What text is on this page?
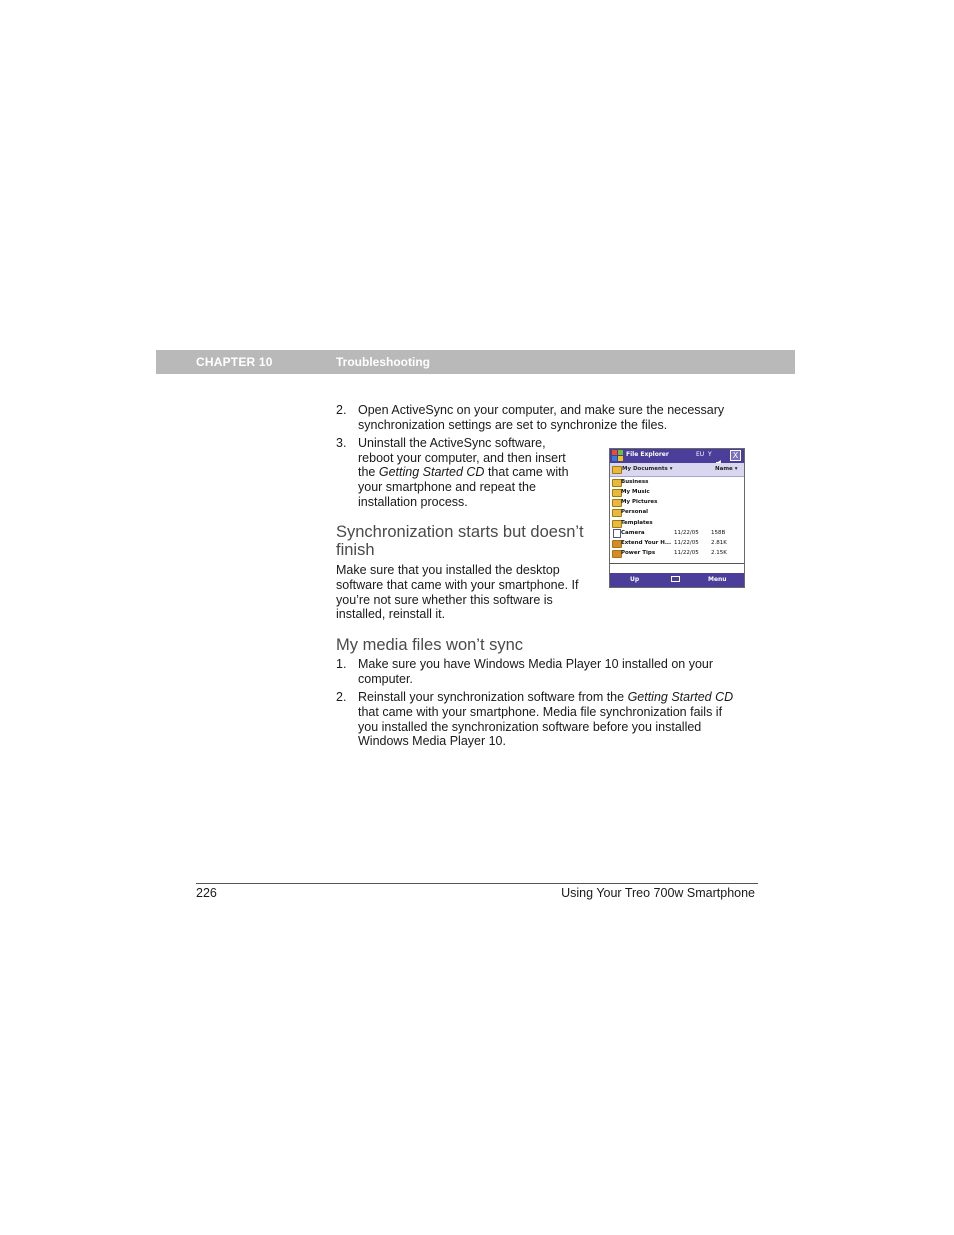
CHAPTER 10	Troubleshooting
2. Open ActiveSync on your computer, and make sure the necessary

synchronization settings are set to synchronize the files.

3. Uninstall the ActiveSync software,

reboot your computer, and then insert

the Getting Started CD that came with

your smartphone and repeat the

installation process.

Synchronization starts but doesn’t
finish

Make sure that you installed the desktop

software that came with your smartphone. If

you’re not sure whether this software is

installed, reinstall it.

My media files won’t sync
1. Make sure you have Windows Media Player 10 installed on your

computer.

2. Reinstall your synchronization software from the Getting Started CD

that came with your smartphone. Media file synchronization fails if

you installed the synchronization software before you installed

Windows Media Player 10.

File Explorer	EU Y	X
My Documents ▾	Name ▾
Business
My Music
My Pictures
Personal
Templates
Camera	11/22/05 158B
Extend Your H... 11/22/05 2.81K
Power Tips	11/22/05 2.15K
Up	Menu
226	Using Your Treo 700w Smartphone
